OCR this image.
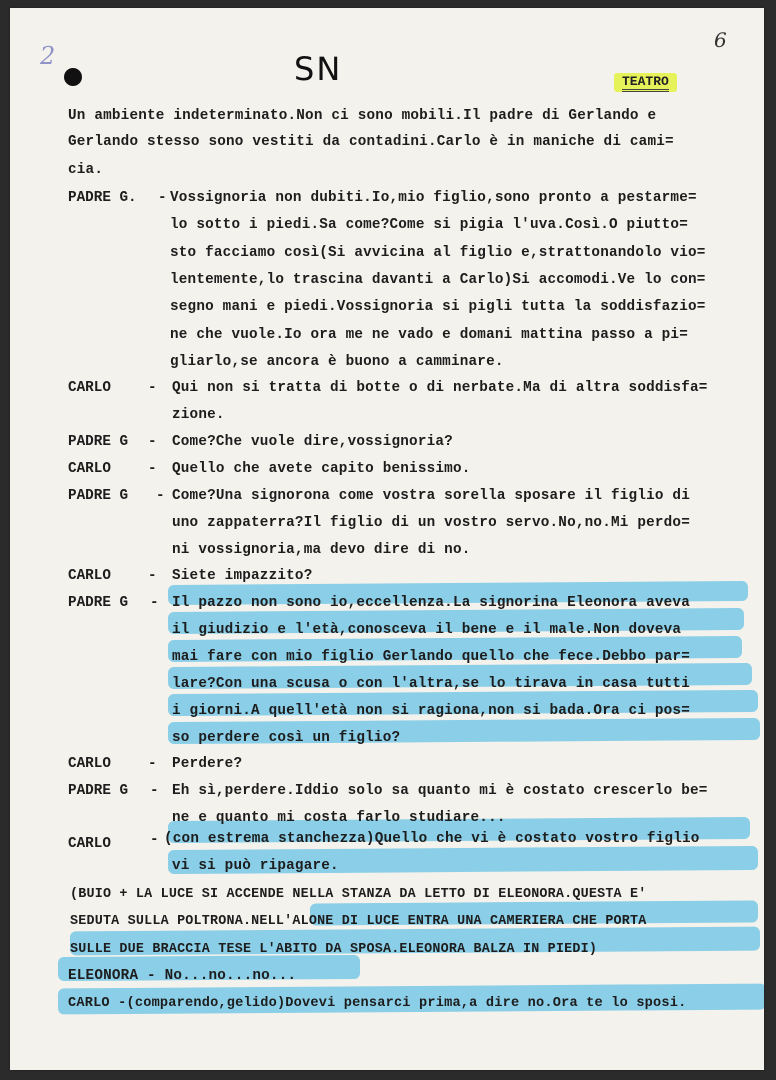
2
6
SN	TEATRO
Un ambiente indeterminato.Non ci sono mobili.Il padre di Gerlando e
Gerlando stesso sono vestiti da contadini.Carlo è in maniche di cami=
cia.
PADRE G. - Vossignoria non dubiti.Io,mio figlio,sono pronto a pestarme=
lo sotto i piedi.Sa come?Come si pigia l'uva.Così.O piutto=
sto facciamo così(Si avvicina al figlio e,strattonandolo vio=
lentemente,lo trascina davanti a Carlo)Si accomodi.Ve lo con=
segno mani e piedi.Vossignoria si pigli tutta la soddisfazio=
ne che vuole.Io ora me ne vado e domani mattina passo a pi=
gliarlo,se ancora è buono a camminare.
CARLO	- Qui non si tratta di botte o di nerbate.Ma di altra soddisfa=
zione.
PADRE G - Come?Che vuole dire,vossignoria?
CARLO	- Quello che avete capito benissimo.
PADRE G - Come?Una signorona come vostra sorella sposare il figlio di
uno zappaterra?Il figlio di un vostro servo.No,no.Mi perdo=
ni vossignoria,ma devo dire di no.
CARLO	- Siete impazzito?
PADRE G - Il pazzo non sono io,eccellenza.La signorina Eleonora aveva
il giudizio e l'età,conosceva il bene e il male.Non doveva
mai fare con mio figlio Gerlando quello che fece.Debbo par=
lare?Con una scusa o con l'altra,se lo tirava in casa tutti
i giorni.A quell'età non si ragiona,non si bada.Ora ci pos=
so perdere così un figlio?
CARLO	- Perdere?
PADRE G - Eh sì,perdere.Iddio solo sa quanto mi è costato crescerlo be=
ne e quanto mi costa farlo studiare...
CARLO	- (con estrema stanchezza)Quello che vi è costato vostro figlio
vi si può ripagare.
(BUIO + LA LUCE SI ACCENDE NELLA STANZA DA LETTO DI ELEONORA.QUESTA E'
SEDUTA SULLA POLTRONA.NELL'ALONE DI LUCE ENTRA UNA CAMERIERA CHE PORTA
SULLE DUE BRACCIA TESE L'ABITO DA SPOSA.ELEONORA BALZA IN PIEDI)
ELEONORA - No...no...no...
CARLO -(comparendo,gelido)Dovevi pensarci prima,a dire no.Ora te lo sposi.
